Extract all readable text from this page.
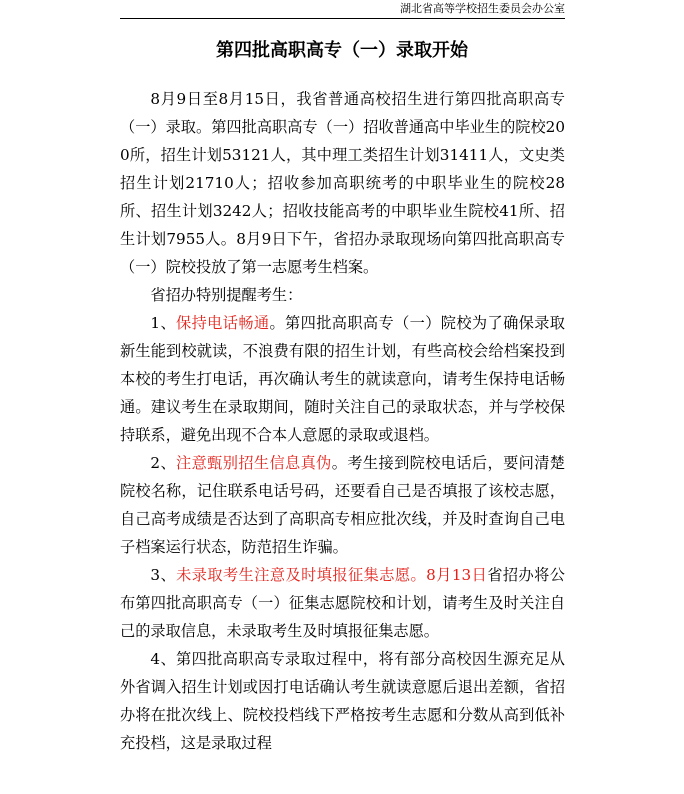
湖北省高等学校招生委员会办公室
第四批高职高专（一）录取开始

8月9日至8月15日，我省普通高校招生进行第四批高职高专（一）录取。第四批高职高专（一）招收普通高中毕业生的院校200所，招生计划53121人，其中理工类招生计划31411人，文史类招生计划21710人；招收参加高职统考的中职毕业生的院校28所、招生计划3242人；招收技能高考的中职毕业生院校41所、招生计划7955人。8月9日下午，省招办录取现场向第四批高职高专（一）院校投放了第一志愿考生档案。

省招办特别提醒考生：

1、保持电话畅通。第四批高职高专（一）院校为了确保录取新生能到校就读，不浪费有限的招生计划，有些高校会给档案投到本校的考生打电话，再次确认考生的就读意向，请考生保持电话畅通。建议考生在录取期间，随时关注自己的录取状态，并与学校保持联系，避免出现不合本人意愿的录取或退档。

2、注意甄别招生信息真伪。考生接到院校电话后，要问清楚院校名称，记住联系电话号码，还要看自己是否填报了该校志愿，自己高考成绩是否达到了高职高专相应批次线，并及时查询自己电子档案运行状态，防范招生诈骗。

3、未录取考生注意及时填报征集志愿。8月13日省招办将公布第四批高职高专（一）征集志愿院校和计划，请考生及时关注自己的录取信息，未录取考生及时填报征集志愿。

4、第四批高职高专录取过程中，将有部分高校因生源充足从外省调入招生计划或因打电话确认考生就读意愿后退出差额，省招办将在批次线上、院校投档线下严格按考生志愿和分数从高到低补充投档，这是录取过程
